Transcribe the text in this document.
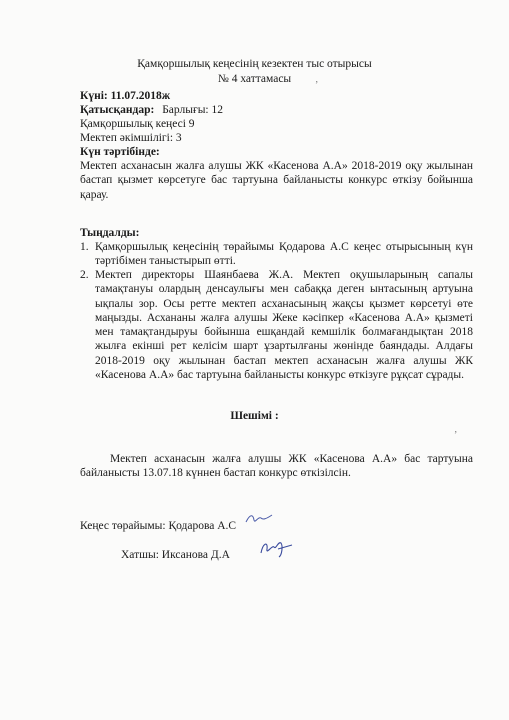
Қамқоршылық кеңесінің кезектен тыс отырысы
№ 4 хаттамасы
Күні: 11.07.2018ж
Қатысқандар: Барлығы: 12
Қамқоршылық кеңесі 9
Мектеп әкімшілігі: 3
Күн тәртібінде:
Мектеп асханасын жалға алушы ЖК «Касенова А.А» 2018-2019 оқу жылынан бастап қызмет көрсетуге бас тартуына байланысты конкурс өткізу бойынша қарау.
Тыңдалды:
1. Қамқоршылық кеңесінің төрайымы Қодарова А.С кеңес отырысының күн тәртібімен таныстырып өтті.
2. Мектеп директоры Шаянбаева Ж.А. Мектеп оқушыларының сапалы тамақтануы олардың денсаулығы мен сабаққа деген ынтасының артуына ықпалы зор. Осы ретте мектеп асханасының жақсы қызмет көрсетуі өте маңызды. Асхананы жалға алушы Жеке кәсіпкер «Касенова А.А» қызметі мен тамақтандыруы бойынша ешқандай кемшілік болмағандықтан 2018 жылға екінші рет келісім шарт ұзартылғаны жөнінде баяндады. Алдағы 2018-2019 оқу жылынан бастап мектеп асханасын жалға алушы ЖК «Касенова А.А» бас тартуына байланысты конкурс өткізуге рұқсат сұрады.
Шешімі :
Мектеп асханасын жалға алушы ЖК «Касенова А.А» бас тартуына байланысты 13.07.18 күннен бастап конкурс өткізілсін.
Кеңес төрайымы: Қодарова А.С
Хатшы: Иксанова Д.А
ʼ
ʼ
